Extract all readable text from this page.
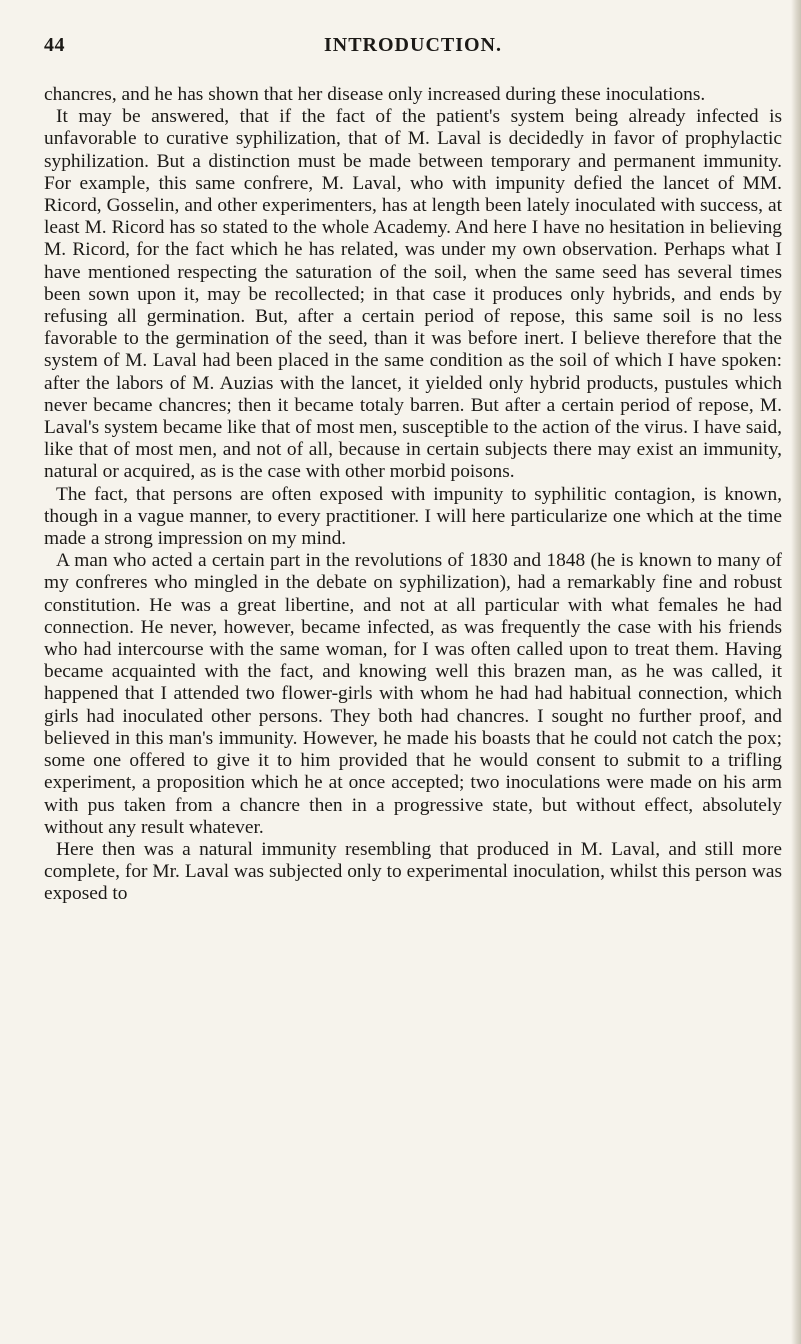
44	INTRODUCTION.

chancres, and he has shown that her disease only increased during these inoculations.

It may be answered, that if the fact of the patient's system being already infected is unfavorable to curative syphilization, that of M. Laval is decidedly in favor of prophylactic syphilization. But a distinction must be made between temporary and permanent immunity. For example, this same confrere, M. Laval, who with impunity defied the lancet of MM. Ricord, Gosselin, and other experimenters, has at length been lately inoculated with success, at least M. Ricord has so stated to the whole Academy. And here I have no hesitation in believing M. Ricord, for the fact which he has related, was under my own observation. Perhaps what I have mentioned respecting the saturation of the soil, when the same seed has several times been sown upon it, may be recollected; in that case it produces only hybrids, and ends by refusing all germination. But, after a certain period of repose, this same soil is no less favorable to the germination of the seed, than it was before inert. I believe therefore that the system of M. Laval had been placed in the same condition as the soil of which I have spoken: after the labors of M. Auzias with the lancet, it yielded only hybrid products, pustules which never became chancres; then it became totaly barren. But after a certain period of repose, M. Laval's system became like that of most men, susceptible to the action of the virus. I have said, like that of most men, and not of all, because in certain subjects there may exist an immunity, natural or acquired, as is the case with other morbid poisons.

The fact, that persons are often exposed with impunity to syphilitic contagion, is known, though in a vague manner, to every practitioner. I will here particularize one which at the time made a strong impression on my mind.

A man who acted a certain part in the revolutions of 1830 and 1848 (he is known to many of my confreres who mingled in the debate on syphilization), had a remarkably fine and robust constitution. He was a great libertine, and not at all particular with what females he had connection. He never, however, became infected, as was frequently the case with his friends who had intercourse with the same woman, for I was often called upon to treat them. Having became acquainted with the fact, and knowing well this brazen man, as he was called, it happened that I attended two flower-girls with whom he had had habitual connection, which girls had inoculated other persons. They both had chancres. I sought no further proof, and believed in this man's immunity. However, he made his boasts that he could not catch the pox; some one offered to give it to him provided that he would consent to submit to a trifling experiment, a proposition which he at once accepted; two inoculations were made on his arm with pus taken from a chancre then in a progressive state, but without effect, absolutely without any result whatever.

Here then was a natural immunity resembling that produced in M. Laval, and still more complete, for Mr. Laval was subjected only to experimental inoculation, whilst this person was exposed to
